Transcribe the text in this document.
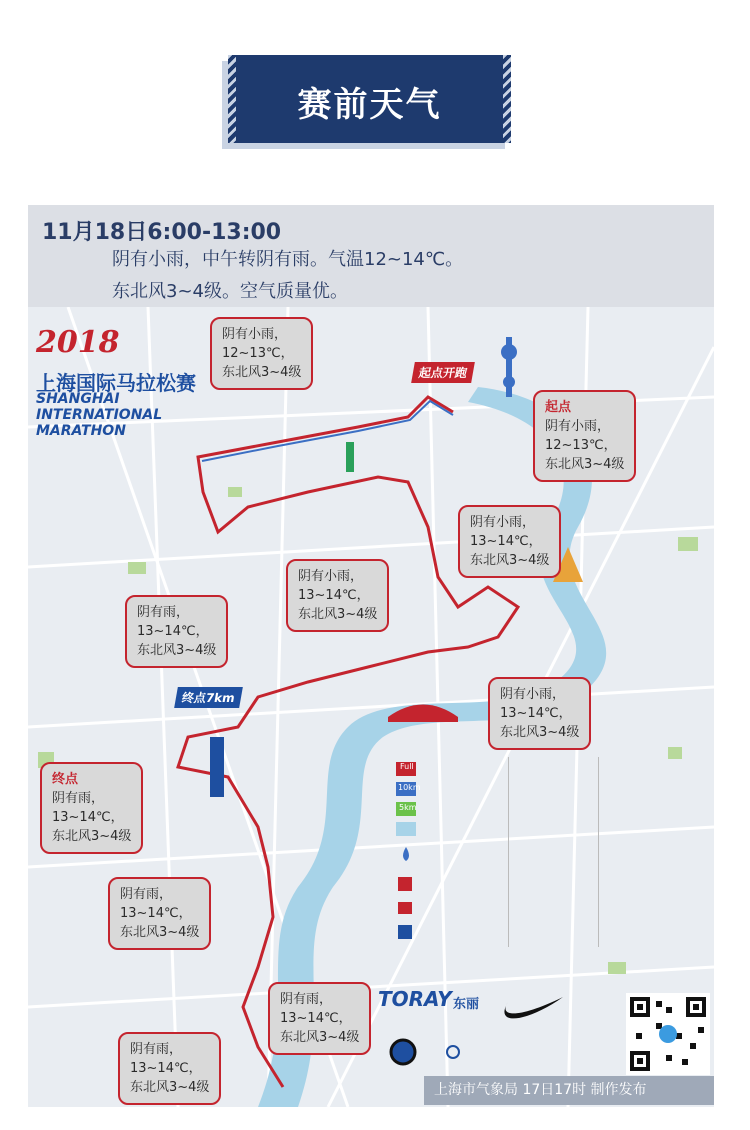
赛前天气
11月18日6:00-13:00
阴有小雨，中午转阴有雨。气温12~14℃。
东北风3~4级。空气质量优。
2018
上海国际马拉松赛
SHANGHAI INTERNATIONAL MARATHON
起点开跑
终点7km
阴有小雨，
12~13℃，
东北风3~4级
起点
阴有小雨，
12~13℃，
东北风3~4级
阴有小雨，
13~14℃，
东北风3~4级
阴有小雨，
13~14℃，
东北风3~4级
阴有雨，
13~14℃，
东北风3~4级
阴有小雨，
13~14℃，
东北风3~4级
终点
阴有雨，
13~14℃，
东北风3~4级
阴有雨，
13~14℃，
东北风3~4级
阴有雨，
13~14℃，
东北风3~4级
阴有雨，
13~14℃，
东北风3~4级
Full
10km
5km
TORAY 东丽
上海市气象局 17日17时 制作发布
